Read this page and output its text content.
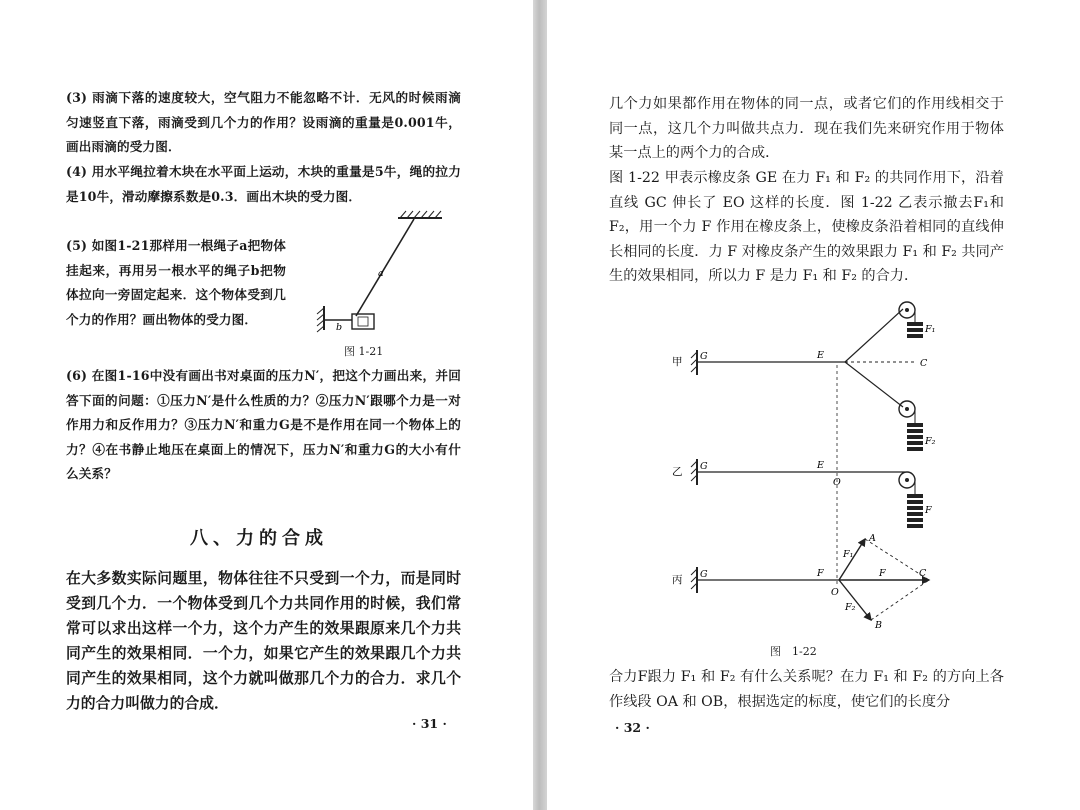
(3) 雨滴下落的速度较大，空气阻力不能忽略不计．无风的时候雨滴匀速竖直下落，雨滴受到几个力的作用？设雨滴的重量是0.001牛，画出雨滴的受力图．

(4) 用水平绳拉着木块在水平面上运动，木块的重量是5牛，绳的拉力是10牛，滑动摩擦系数是0.3．画出木块的受力图．

(5) 如图1-21那样用一根绳子a把物体挂起来，再用另一根水平的绳子b把物体拉向一旁固定起来．这个物体受到几个力的作用？画出物体的受力图．

a
b
图 1-21

(6) 在图1-16中没有画出书对桌面的压力N′，把这个力画出来，并回答下面的问题：①压力N′是什么性质的力？②压力N′跟哪个力是一对作用力和反作用力？③压力N′和重力G是不是作用在同一个物体上的力？④在书静止地压在桌面上的情况下，压力N′和重力G的大小有什么关系？

八、力的合成

在大多数实际问题里，物体往往不只受到一个力，而是同时受到几个力．一个物体受到几个力共同作用的时候，我们常常可以求出这样一个力，这个力产生的效果跟原来几个力共同产生的效果相同．一个力，如果它产生的效果跟几个力共同产生的效果相同，这个力就叫做那几个力的合力．求几个力的合力叫做力的合成．

· 31 ·

几个力如果都作用在物体的同一点，或者它们的作用线相交于同一点，这几个力叫做共点力．现在我们先来研究作用于物体某一点上的两个力的合成．

图 1-22 甲表示橡皮条 GE 在力 F₁ 和 F₂ 的共同作用下，沿着直线 GC 伸长了 EO 这样的长度．图 1-22 乙表示撤去F₁和 F₂，用一个力 F 作用在橡皮条上，使橡皮条沿着相同的直线伸长相同的长度．力 F 对橡皮条产生的效果跟力 F₁ 和 F₂ 共同产生的效果相同，所以力 F 是力 F₁ 和 F₂ 的合力．

甲 G	E
C
F₁
F₂
乙 G	E
O
F
丙 G	F	F	C
O
A
F₁
B
F₂
图　1-22

合力F跟力 F₁ 和 F₂ 有什么关系呢？在力 F₁ 和 F₂ 的方向上各作线段 OA 和 OB，根据选定的标度，使它们的长度分

· 32 ·
